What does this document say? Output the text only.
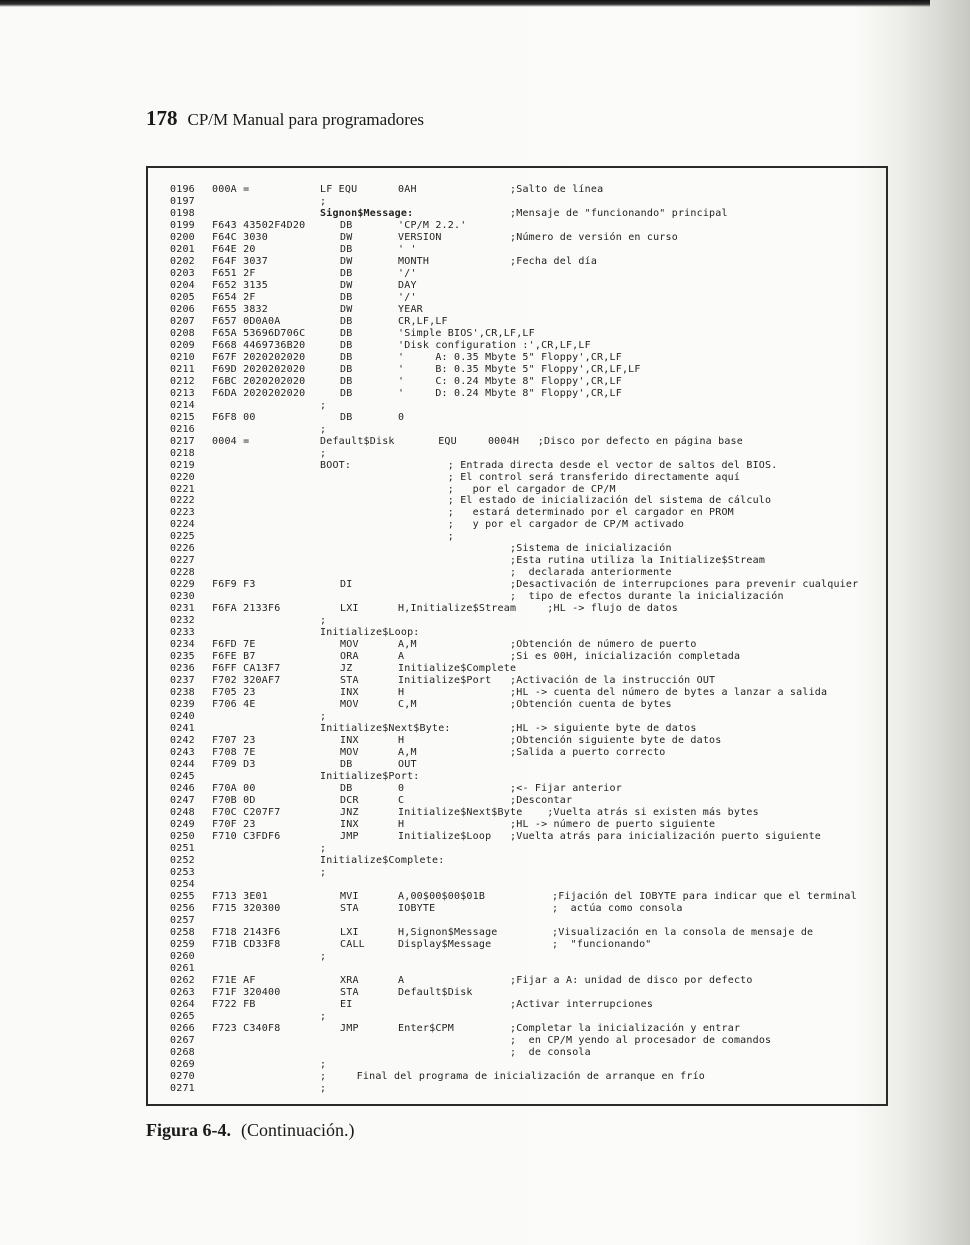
178 CP/M Manual para programadores
0196 000A =	LF EQU	0AH	;Salto de línea
0197	;
0198	Signon$Message:	;Mensaje de "funcionando" principal
0199 F643 43502F4D20	DB	'CP/M 2.2.'
0200 F64C 3030	DW	VERSION	;Número de versión en curso
0201 F64E 20	DB	' '
0202 F64F 3037	DW	MONTH	;Fecha del día
0203 F651 2F	DB	'/'
0204 F652 3135	DW	DAY
0205 F654 2F	DB	'/'
0206 F655 3832	DW	YEAR
0207 F657 0D0A0A	DB	CR,LF,LF
0208 F65A 53696D706C	DB	'Simple BIOS',CR,LF,LF
0209 F668 4469736B20	DB	'Disk configuration :',CR,LF,LF
0210 F67F 2020202020	DB	'     A: 0.35 Mbyte 5" Floppy',CR,LF
0211 F69D 2020202020	DB	'     B: 0.35 Mbyte 5" Floppy',CR,LF,LF
0212 F6BC 2020202020	DB	'     C: 0.24 Mbyte 8" Floppy',CR,LF
0213 F6DA 2020202020	DB	'     D: 0.24 Mbyte 8" Floppy',CR,LF
0214	;
0215 F6F8 00	DB	0
0216	;
0217 0004 =	Default$Disk       EQU     0004H   ;Disco por defecto en página base
0218	;
0219	BOOT:	; Entrada directa desde el vector de saltos del BIOS.
0220	; El control será transferido directamente aquí
0221	;   por el cargador de CP/M
0222	; El estado de inicialización del sistema de cálculo
0223	;   estará determinado por el cargador en PROM
0224	;   y por el cargador de CP/M activado
0225	;
0226	;Sistema de inicialización
0227	;Esta rutina utiliza la Initialize$Stream
0228	;  declarada anteriormente
0229 F6F9 F3	DI	;Desactivación de interrupciones para prevenir cualquier
0230	;  tipo de efectos durante la inicialización
0231 F6FA 2133F6	LXI	H,Initialize$Stream     ;HL -> flujo de datos
0232	;
0233	Initialize$Loop:
0234 F6FD 7E	MOV	A,M	;Obtención de número de puerto
0235 F6FE B7	ORA	A	;Si es 00H, inicialización completada
0236 F6FF CA13F7	JZ	Initialize$Complete
0237 F702 320AF7	STA	Initialize$Port ;Activación de la instrucción OUT
0238 F705 23	INX	H	;HL -> cuenta del número de bytes a lanzar a salida
0239 F706 4E	MOV	C,M	;Obtención cuenta de bytes
0240	;
0241	Initialize$Next$Byte:	;HL -> siguiente byte de datos
0242 F707 23	INX	H	;Obtención siguiente byte de datos
0243 F708 7E	MOV	A,M	;Salida a puerto correcto
0244 F709 D3	DB	OUT
0245	Initialize$Port:
0246 F70A 00	DB	0	;<- Fijar anterior
0247 F70B 0D	DCR	C	;Descontar
0248 F70C C207F7	JNZ	Initialize$Next$Byte    ;Vuelta atrás si existen más bytes
0249 F70F 23	INX	H	;HL -> número de puerto siguiente
0250 F710 C3FDF6	JMP	Initialize$Loop ;Vuelta atrás para inicialización puerto siguiente
0251	;
0252	Initialize$Complete:
0253	;
0254
0255 F713 3E01	MVI	A,00$00$00$01B	;Fijación del IOBYTE para indicar que el terminal
0256 F715 320300	STA	IOBYTE	;  actúa como consola
0257
0258 F718 2143F6	LXI	H,Signon$Message	;Visualización en la consola de mensaje de
0259 F71B CD33F8	CALL	Display$Message	;  "funcionando"
0260	;
0261
0262 F71E AF	XRA	A	;Fijar a A: unidad de disco por defecto
0263 F71F 320400	STA	Default$Disk
0264 F722 FB	EI	;Activar interrupciones
0265	;
0266 F723 C340F8	JMP	Enter$CPM	;Completar la inicialización y entrar
0267	;  en CP/M yendo al procesador de comandos
0268	;  de consola
0269	;
0270	; Final del programa de inicialización de arranque en frío
0271	;
Figura 6-4. (Continuación.)
